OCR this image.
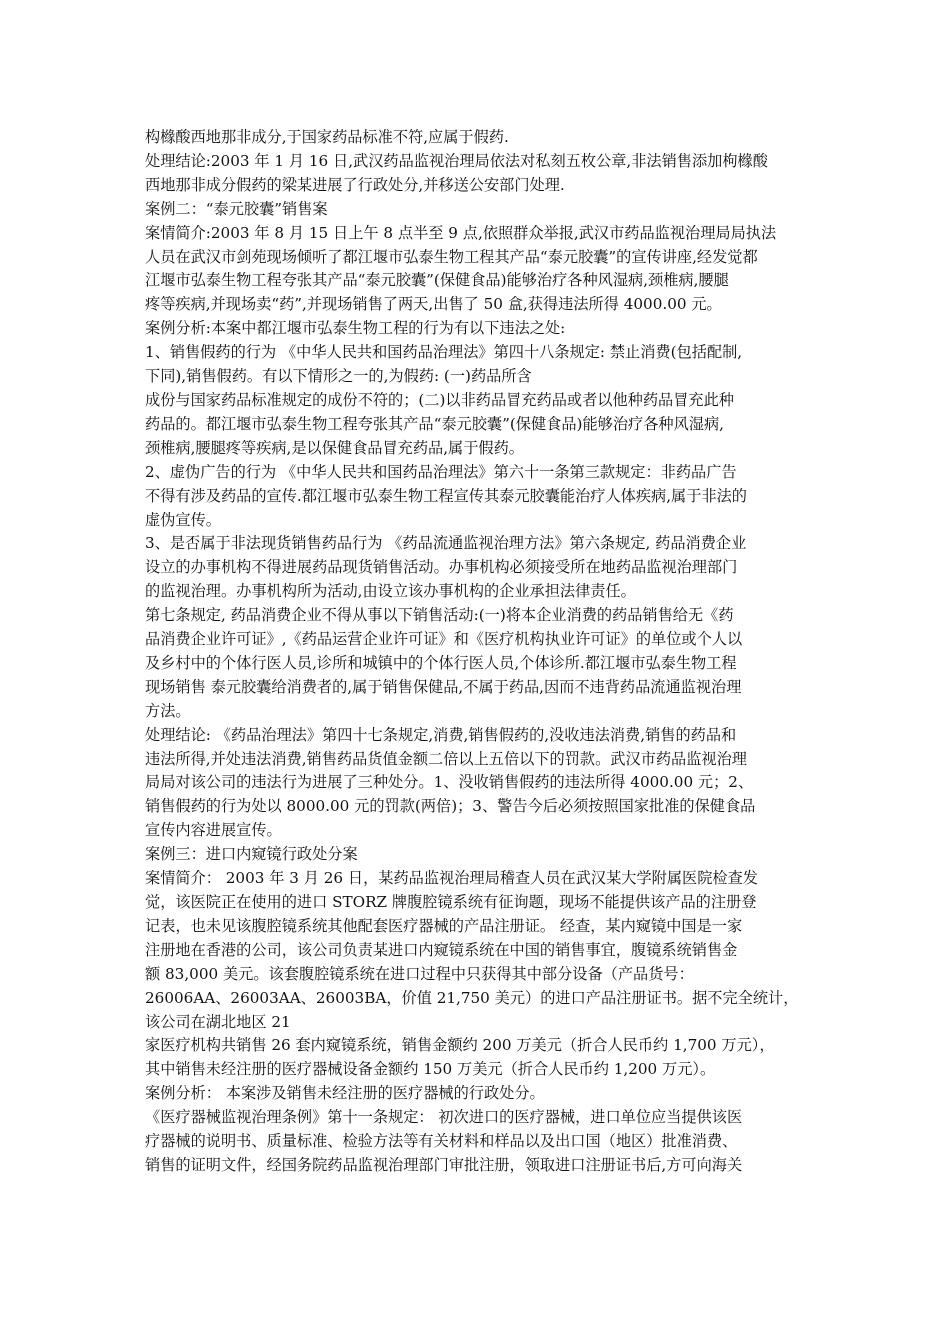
构橼酸西地那非成分,于国家药品标准不符,应属于假药.
处理结论:2003 年 1 月 16 日,武汉药品监视治理局依法对私刻五枚公章,非法销售添加枸橼酸
西地那非成分假药的梁某进展了行政处分,并移送公安部门处理.
案例二：“泰元胶囊”销售案
案情简介:2003 年 8 月 15 日上午 8 点半至 9 点,依照群众举报,武汉市药品监视治理局局执法
人员在武汉市剑苑现场倾听了都江堰市弘泰生物工程其产品“泰元胶囊”的宣传讲座,经发觉都
江堰市弘泰生物工程夸张其产品“泰元胶囊”(保健食品)能够治疗各种风湿病,颈椎病,腰腿
疼等疾病,并现场卖“药”,并现场销售了两天,出售了 50 盒,获得违法所得 4000.00 元。
案例分析:本案中都江堰市弘泰生物工程的行为有以下违法之处:
1、销售假药的行为 《中华人民共和国药品治理法》第四十八条规定: 禁止消费(包括配制,
下同),销售假药。有以下情形之一的,为假药: (一)药品所含
成份与国家药品标准规定的成份不符的；(二)以非药品冒充药品或者以他种药品冒充此种
药品的。都江堰市弘泰生物工程夸张其产品“泰元胶囊”(保健食品)能够治疗各种风湿病,
颈椎病,腰腿疼等疾病,是以保健食品冒充药品,属于假药。
2、虚伪广告的行为 《中华人民共和国药品治理法》第六十一条第三款规定：非药品广告
不得有涉及药品的宣传.都江堰市弘泰生物工程宣传其泰元胶囊能治疗人体疾病,属于非法的
虚伪宣传。
3、是否属于非法现货销售药品行为 《药品流通监视治理方法》第六条规定, 药品消费企业
设立的办事机构不得进展药品现货销售活动。办事机构必须接受所在地药品监视治理部门
的监视治理。办事机构所为活动,由设立该办事机构的企业承担法律责任。
第七条规定, 药品消费企业不得从事以下销售活动:(一)将本企业消费的药品销售给无《药
品消费企业许可证》,《药品运营企业许可证》和《医疗机构执业许可证》的单位或个人以
及乡村中的个体行医人员,诊所和城镇中的个体行医人员,个体诊所.都江堰市弘泰生物工程
现场销售 泰元胶囊给消费者的,属于销售保健品,不属于药品,因而不违背药品流通监视治理
方法。
处理结论: 《药品治理法》第四十七条规定,消费,销售假药的,没收违法消费,销售的药品和
违法所得,并处违法消费,销售药品货值金额二倍以上五倍以下的罚款。武汉市药品监视治理
局局对该公司的违法行为进展了三种处分。1、没收销售假药的违法所得 4000.00 元；2、
销售假药的行为处以 8000.00 元的罚款(两倍)；3、警告今后必须按照国家批准的保健食品
宣传内容进展宣传。
案例三：进口内窥镜行政处分案
案情简介： 2003 年 3 月 26 日，某药品监视治理局稽查人员在武汉某大学附属医院检查发
觉，该医院正在使用的进口 STORZ 牌腹腔镜系统有征询题，现场不能提供该产品的注册登
记表，也未见该腹腔镜系统其他配套医疗器械的产品注册证。 经查，某内窥镜中国是一家
注册地在香港的公司，该公司负责某进口内窥镜系统在中国的销售事宜，腹镜系统销售金
额 83,000 美元。该套腹腔镜系统在进口过程中只获得其中部分设备（产品货号：
26006AA、26003AA、26003BA，价值 21,750 美元）的进口产品注册证书。据不完全统计，
该公司在湖北地区 21
家医疗机构共销售 26 套内窥镜系统，销售金额约 200 万美元（折合人民币约 1,700 万元），
其中销售未经注册的医疗器械设备金额约 150 万美元（折合人民币约 1,200 万元）。
案例分析： 本案涉及销售未经注册的医疗器械的行政处分。
《医疗器械监视治理条例》第十一条规定： 初次进口的医疗器械，进口单位应当提供该医
疗器械的说明书、质量标准、检验方法等有关材料和样品以及出口国（地区）批准消费、
销售的证明文件，经国务院药品监视治理部门审批注册，领取进口注册证书后,方可向海关
